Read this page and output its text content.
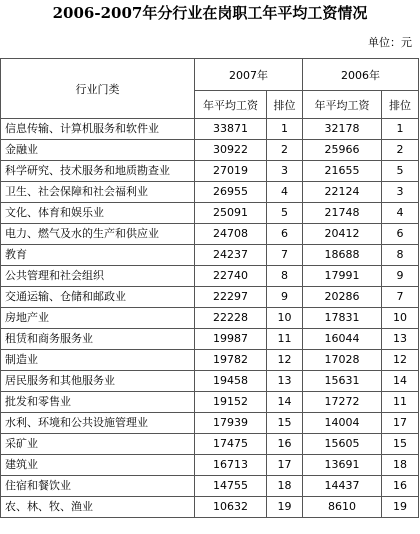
2006-2007年分行业在岗职工年平均工资情况
单位：元
行业门类	2007年		2006年	
	年平均工资	排位	年平均工资	排位
信息传输、计算机服务和软件业	33871	1	32178	1
金融业	30922	2	25966	2
科学研究、技术服务和地质勘查业	27019	3	21655	5
卫生、社会保障和社会福利业	26955	4	22124	3
文化、体育和娱乐业	25091	5	21748	4
电力、燃气及水的生产和供应业	24708	6	20412	6
教育	24237	7	18688	8
公共管理和社会组织	22740	8	17991	9
交通运输、仓储和邮政业	22297	9	20286	7
房地产业	22228	10	17831	10
租赁和商务服务业	19987	11	16044	13
制造业	19782	12	17028	12
居民服务和其他服务业	19458	13	15631	14
批发和零售业	19152	14	17272	11
水利、环境和公共设施管理业	17939	15	14004	17
采矿业	17475	16	15605	15
建筑业	16713	17	13691	18
住宿和餐饮业	14755	18	14437	16
农、林、牧、渔业	10632	19	8610	19
